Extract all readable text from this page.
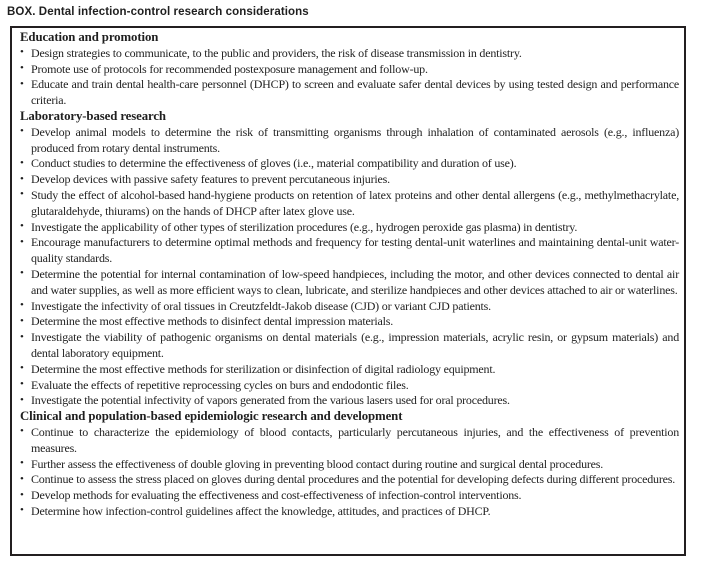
BOX. Dental infection-control research considerations
Education and promotion
• Design strategies to communicate, to the public and providers, the risk of disease transmission in dentistry.
• Promote use of protocols for recommended postexposure management and follow-up.
• Educate and train dental health-care personnel (DHCP) to screen and evaluate safer dental devices by using tested design and performance criteria.
Laboratory-based research
• Develop animal models to determine the risk of transmitting organisms through inhalation of contaminated aerosols (e.g., influenza) produced from rotary dental instruments.
• Conduct studies to determine the effectiveness of gloves (i.e., material compatibility and duration of use).
• Develop devices with passive safety features to prevent percutaneous injuries.
• Study the effect of alcohol-based hand-hygiene products on retention of latex proteins and other dental allergens (e.g., methylmethacrylate, glutaraldehyde, thiurams) on the hands of DHCP after latex glove use.
• Investigate the applicability of other types of sterilization procedures (e.g., hydrogen peroxide gas plasma) in dentistry.
• Encourage manufacturers to determine optimal methods and frequency for testing dental-unit waterlines and maintaining dental-unit water-quality standards.
• Determine the potential for internal contamination of low-speed handpieces, including the motor, and other devices connected to dental air and water supplies, as well as more efficient ways to clean, lubricate, and sterilize handpieces and other devices attached to air or waterlines.
• Investigate the infectivity of oral tissues in Creutzfeldt-Jakob disease (CJD) or variant CJD patients.
• Determine the most effective methods to disinfect dental impression materials.
• Investigate the viability of pathogenic organisms on dental materials (e.g., impression materials, acrylic resin, or gypsum materials) and dental laboratory equipment.
• Determine the most effective methods for sterilization or disinfection of digital radiology equipment.
• Evaluate the effects of repetitive reprocessing cycles on burs and endodontic files.
• Investigate the potential infectivity of vapors generated from the various lasers used for oral procedures.
Clinical and population-based epidemiologic research and development
• Continue to characterize the epidemiology of blood contacts, particularly percutaneous injuries, and the effectiveness of prevention measures.
• Further assess the effectiveness of double gloving in preventing blood contact during routine and surgical dental procedures.
• Continue to assess the stress placed on gloves during dental procedures and the potential for developing defects during different procedures.
• Develop methods for evaluating the effectiveness and cost-effectiveness of infection-control interventions.
• Determine how infection-control guidelines affect the knowledge, attitudes, and practices of DHCP.
